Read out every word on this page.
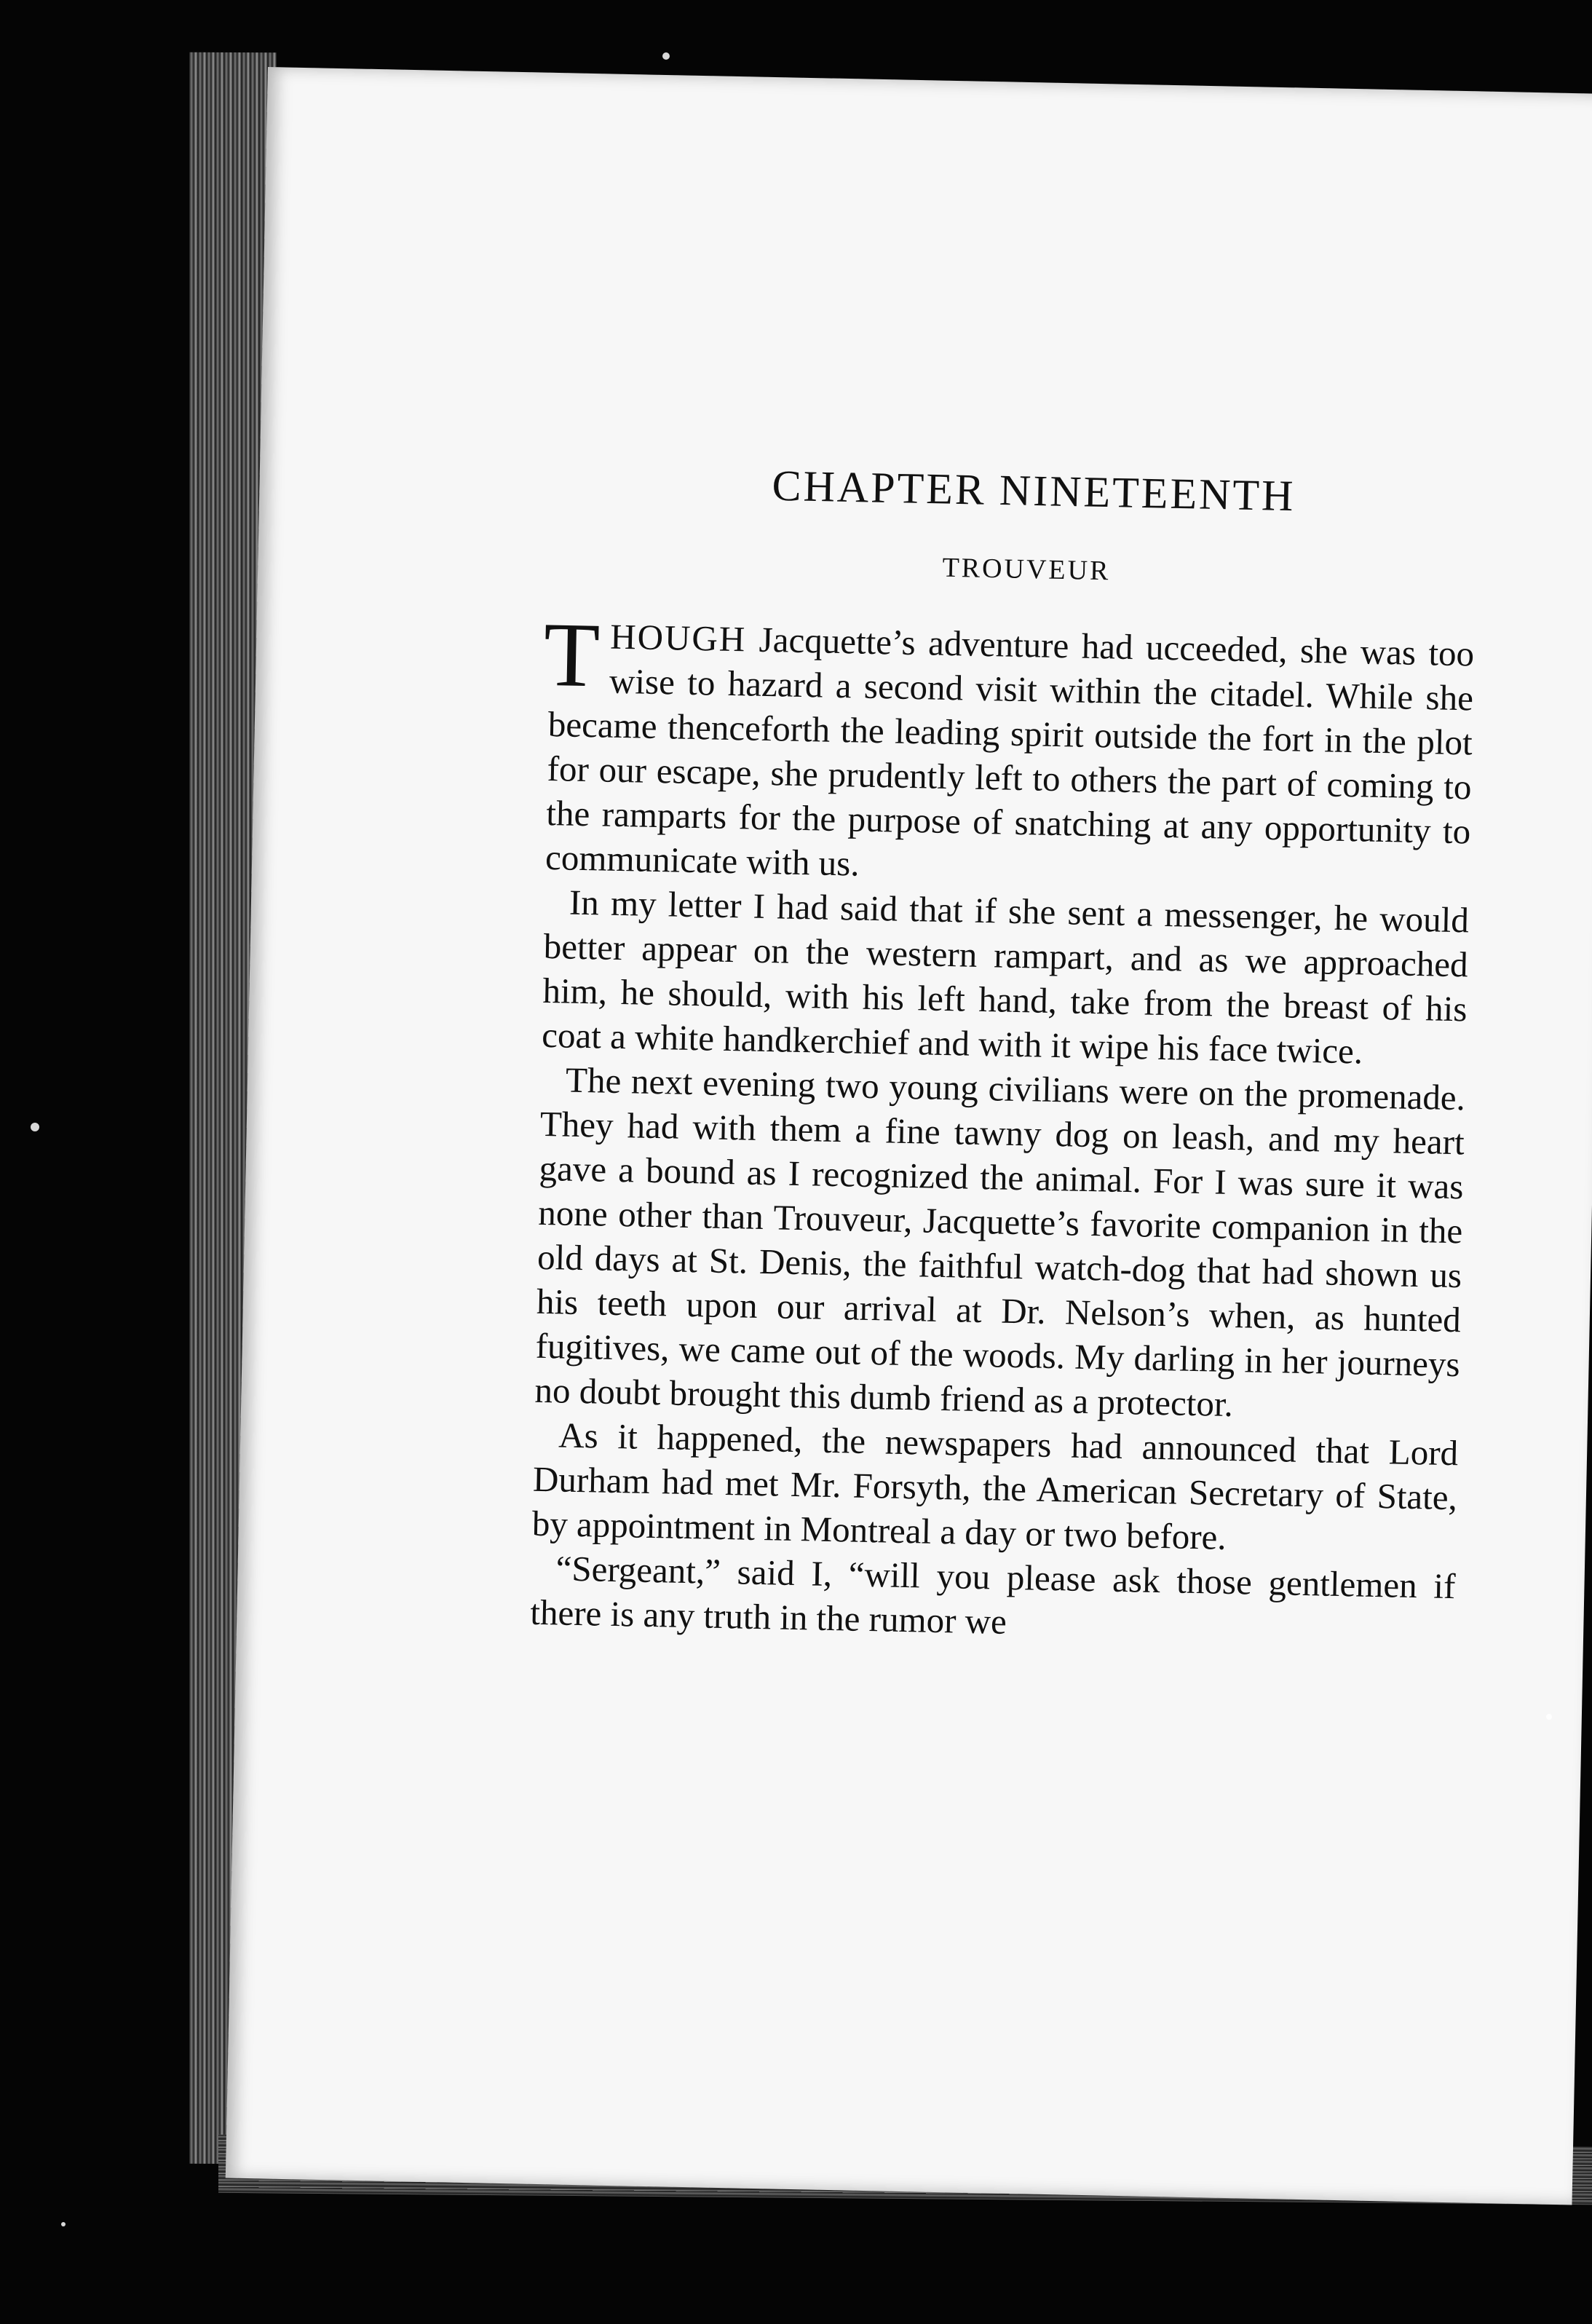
CHAPTER NINETEENTH
TROUVEUR

THOUGH Jacquette’s adventure had ucceeded, she was too wise to hazard a second visit within the citadel. While she became thenceforth the leading spirit outside the fort in the plot for our escape, she prudently left to others the part of coming to the ramparts for the purpose of snatching at any opportunity to communicate with us.

In my letter I had said that if she sent a messenger, he would better appear on the western rampart, and as we approached him, he should, with his left hand, take from the breast of his coat a white handkerchief and with it wipe his face twice.

The next evening two young civilians were on the promenade. They had with them a fine tawny dog on leash, and my heart gave a bound as I recognized the animal. For I was sure it was none other than Trouveur, Jacquette’s favorite companion in the old days at St. Denis, the faithful watch-dog that had shown us his teeth upon our arrival at Dr. Nelson’s when, as hunted fugitives, we came out of the woods. My darling in her journeys no doubt brought this dumb friend as a protector.

As it happened, the newspapers had announced that Lord Durham had met Mr. Forsyth, the American Secretary of State, by appointment in Montreal a day or two before.

“Sergeant,” said I, “will you please ask those gentlemen if there is any truth in the rumor we
